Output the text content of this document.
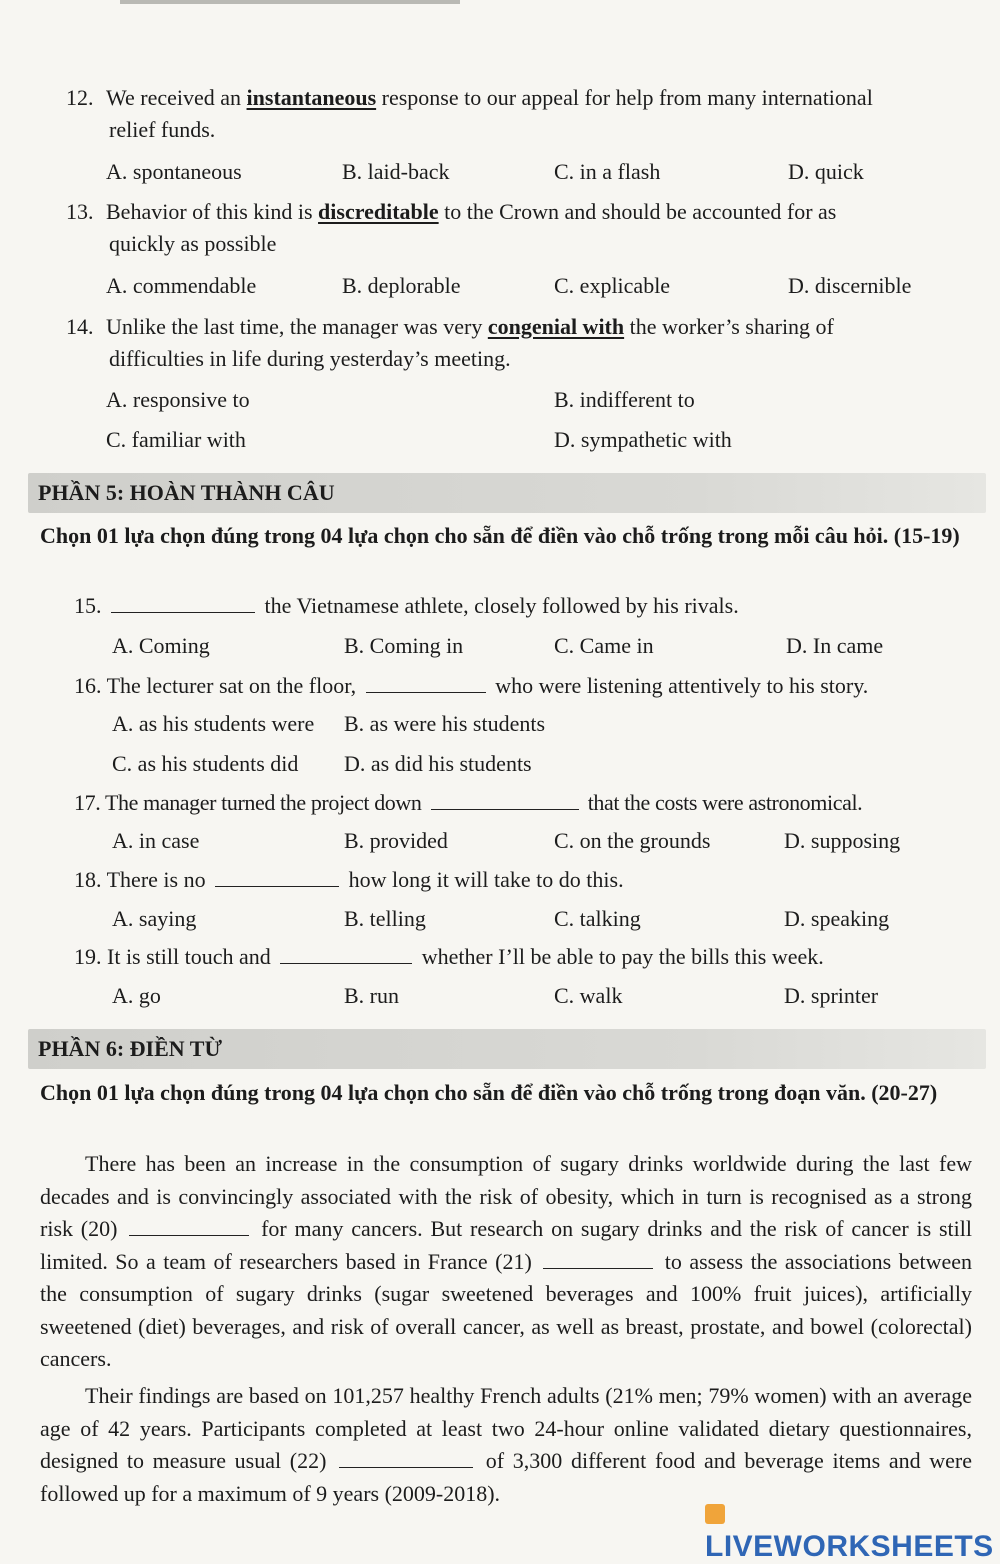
12. We received an instantaneous response to our appeal for help from many international
relief funds.
A. spontaneous	B. laid-back	C. in a flash	D. quick
13. Behavior of this kind is discreditable to the Crown and should be accounted for as
quickly as possible
A. commendable	B. deplorable	C. explicable	D. discernible
14. Unlike the last time, the manager was very congenial with the worker’s sharing of
difficulties in life during yesterday’s meeting.
A. responsive to	B. indifferent to
C. familiar with	D. sympathetic with
PHẦN 5: HOÀN THÀNH CÂU
Chọn 01 lựa chọn đúng trong 04 lựa chọn cho sẵn để điền vào chỗ trống trong mỗi câu hỏi. (15-19)
15.	the Vietnamese athlete, closely followed by his rivals.
A. Coming	B. Coming in	C. Came in	D. In came
16. The lecturer sat on the floor,	who were listening attentively to his story.
A. as his students were B. as were his students
C. as his students did D. as did his students
17. The manager turned the project down	that the costs were astronomical.
A. in case	B. provided	C. on the grounds	D. supposing
18. There is no	how long it will take to do this.
A. saying	B. telling	C. talking	D. speaking
19. It is still touch and	whether I’ll be able to pay the bills this week.
A. go	B. run	C. walk	D. sprinter
PHẦN 6: ĐIỀN TỪ
Chọn 01 lựa chọn đúng trong 04 lựa chọn cho sẵn để điền vào chỗ trống trong đoạn văn. (20-27)
There has been an increase in the consumption of sugary drinks worldwide during the last few decades and is convincingly associated with the risk of obesity, which in turn is recognised as a strong risk (20)	for many cancers. But research on sugary drinks and the risk of cancer is still limited. So a team of researchers based in France (21)	to assess the associations between the consumption of sugary drinks (sugar sweetened beverages and 100% fruit juices), artificially sweetened (diet) beverages, and risk of overall cancer, as well as breast, prostate, and bowel (colorectal) cancers.
Their findings are based on 101,257 healthy French adults (21% men; 79% women) with an average age of 42 years. Participants completed at least two 24-hour online validated dietary questionnaires, designed to measure usual (22)	of 3,300 different food and beverage items and were followed up for a maximum of 9 years (2009-2018).
LIVEWORKSHEETS
